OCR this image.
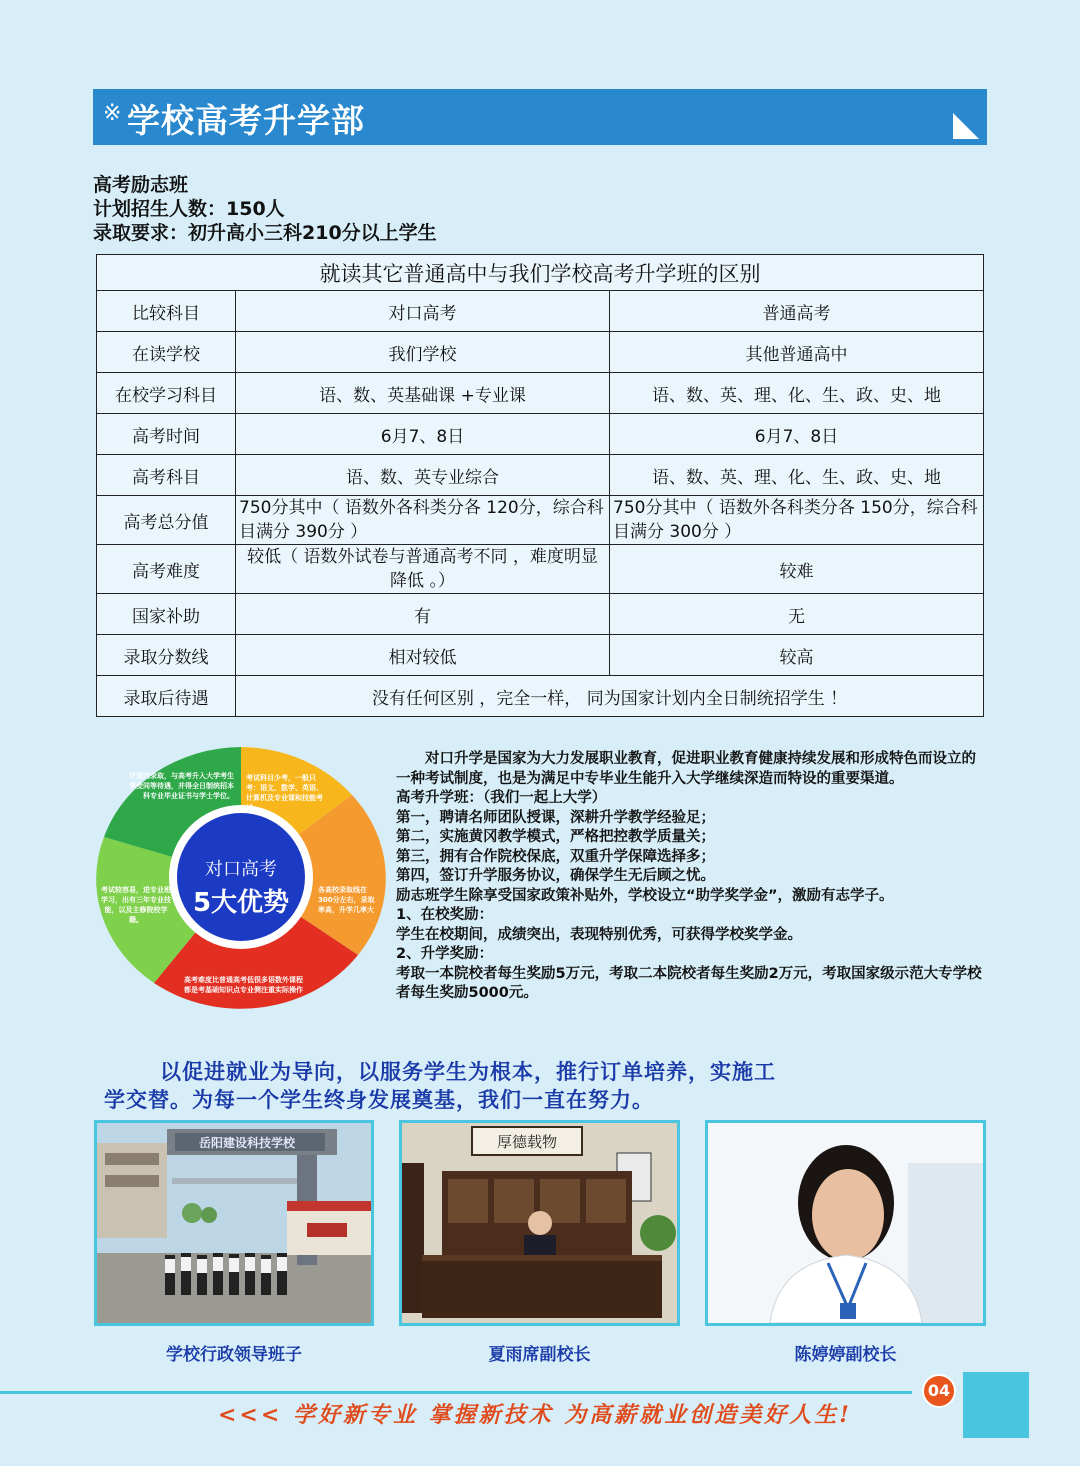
※ 学校高考升学部
高考励志班
计划招生人数：150人
录取要求：初升高小三科210分以上学生
就读其它普通高中与我们学校高考升学班的区别		
比较科目	对口高考	普通高考
在读学校	我们学校	其他普通高中
在校学习科目	语、数、英基础课 +专业课	语、数、英、理、化、生、政、史、地
高考时间	6月7、8日	6月7、8日
高考科目	语、数、英专业综合	语、数、英、理、化、生、政、史、地
高考总分值	750分其中（ 语数外各科类分各 120分，综合科目满分 390分 ）	750分其中（ 语数外各科类分各 150分，综合科目满分 300分 ）
高考难度	较低（ 语数外试卷与普通高考不同 ，难度明显降低 。）	较难
国家补助	有	无
录取分数线	相对较低	较高
录取后待遇	没有任何区别 ，完全一样， 同为国家计划内全日制统招学生 ！	
对口高考
5大优势
考试科目少考，一般只考：语文、数学、英语、计算机及专业课和技能考试。
各高校录取线在300分左右，录取率高，升学几率大
高考难度比普通高考低很多语数外课程都是考基础知识点专业侧注重实际操作
考试较容易，进专业班学习，出有三年专业技能，以及主修院校学籍。
计划内录取，与高考升入大学考生享受同等待遇，并得全日制统招本科专业毕业证书与学士学位。

对口升学是国家为大力发展职业教育，促进职业教育健康持续发展和形成特色而设立的一种考试制度，也是为满足中专毕业生能升入大学继续深造而特设的重要渠道。

高考升学班：（我们一起上大学）

第一，聘请名师团队授课，深耕升学教学经验足；

第二，实施黄冈教学模式，严格把控教学质量关；

第三，拥有合作院校保底，双重升学保障选择多；

第四，签订升学服务协议，确保学生无后顾之忧。

励志班学生除享受国家政策补贴外，学校设立“助学奖学金”，激励有志学子。

1、在校奖励：

学生在校期间，成绩突出，表现特别优秀，可获得学校奖学金。

2、升学奖励：

考取一本院校者每生奖励5万元，考取二本院校者每生奖励2万元，考取国家级示范大专学校者每生奖励5000元。

以促进就业为导向，以服务学生为根本，推行订单培养，实施工
学交替。为每一个学生终身发展奠基，我们一直在努力。
岳阳建设科技学校
学校行政领导班子
厚德载物
夏雨席副校长	陈婷婷副校长
04
<<< 学好新专业 掌握新技术 为高薪就业创造美好人生!
